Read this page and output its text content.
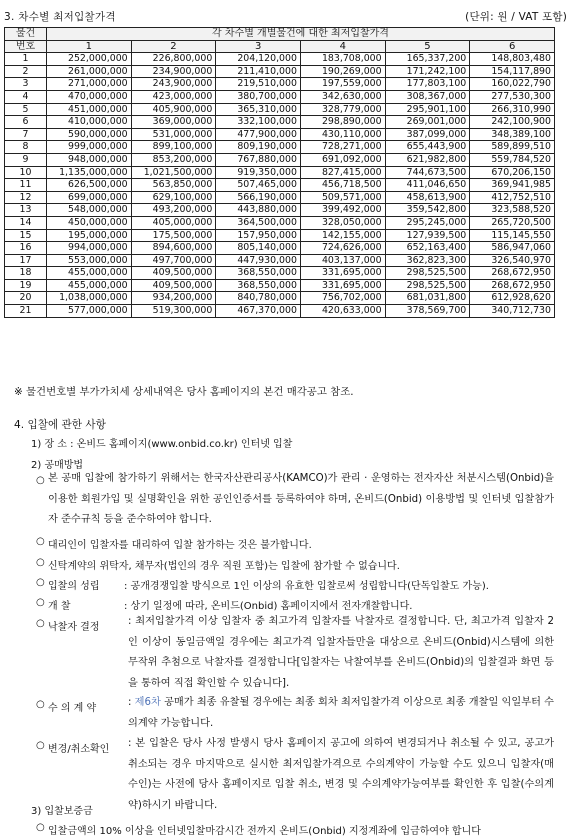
3. 차수별 최저입찰가격	(단위: 원 / VAT 포함)
물건	각 차수별 개별물건에 대한 최저입찰가격					
번호	1	2	3	4	5	6
1	252,000,000	226,800,000	204,120,000	183,708,000	165,337,200	148,803,480
2	261,000,000	234,900,000	211,410,000	190,269,000	171,242,100	154,117,890
3	271,000,000	243,900,000	219,510,000	197,559,000	177,803,100	160,022,790
4	470,000,000	423,000,000	380,700,000	342,630,000	308,367,000	277,530,300
5	451,000,000	405,900,000	365,310,000	328,779,000	295,901,100	266,310,990
6	410,000,000	369,000,000	332,100,000	298,890,000	269,001,000	242,100,900
7	590,000,000	531,000,000	477,900,000	430,110,000	387,099,000	348,389,100
8	999,000,000	899,100,000	809,190,000	728,271,000	655,443,900	589,899,510
9	948,000,000	853,200,000	767,880,000	691,092,000	621,982,800	559,784,520
10	1,135,000,000	1,021,500,000	919,350,000	827,415,000	744,673,500	670,206,150
11	626,500,000	563,850,000	507,465,000	456,718,500	411,046,650	369,941,985
12	699,000,000	629,100,000	566,190,000	509,571,000	458,613,900	412,752,510
13	548,000,000	493,200,000	443,880,000	399,492,000	359,542,800	323,588,520
14	450,000,000	405,000,000	364,500,000	328,050,000	295,245,000	265,720,500
15	195,000,000	175,500,000	157,950,000	142,155,000	127,939,500	115,145,550
16	994,000,000	894,600,000	805,140,000	724,626,000	652,163,400	586,947,060
17	553,000,000	497,700,000	447,930,000	403,137,000	362,823,300	326,540,970
18	455,000,000	409,500,000	368,550,000	331,695,000	298,525,500	268,672,950
19	455,000,000	409,500,000	368,550,000	331,695,000	298,525,500	268,672,950
20	1,038,000,000	934,200,000	840,780,000	756,702,000	681,031,800	612,928,620
21	577,000,000	519,300,000	467,370,000	420,633,000	378,569,700	340,712,730
※ 물건번호별 부가가치세 상세내역은 당사 홈페이지의 본건 매각공고 참조.
4. 입찰에 관한 사항
1) 장 소 : 온비드 홈페이지(www.onbid.co.kr) 인터넷 입찰
2) 공매방법
○ 본 공매 입찰에 참가하기 위해서는 한국자산관리공사(KAMCO)가 관리 · 운영하는 전자자산 처분시스템(Onbid)을 이용한 회원가입 및 실명확인을 위한 공인인증서를 등록하여야 하며, 온비드(Onbid) 이용방법 및 인터넷 입찰참가자 준수규칙 등을 준수하여야 합니다.
○ 대리인이 입찰자를 대리하여 입찰 참가하는 것은 불가합니다.
○ 신탁계약의 위탁자, 채무자(법인의 경우 직원 포함)는 입찰에 참가할 수 없습니다.
○ 입찰의 성립 : 공개경쟁입찰 방식으로 1인 이상의 유효한 입찰로써 성립합니다(단독입찰도 가능).
○ 개 찰	: 상기 일정에 따라, 온비드(Onbid) 홈페이지에서 전자개찰합니다.
○ 낙찰자 결정
: 최저입찰가격 이상 입찰자 중 최고가격 입찰자를 낙찰자로 결정합니다. 단, 최고가격 입찰자 2인 이상이 동일금액일 경우에는 최고가격 입찰자들만을 대상으로 온비드(Onbid)시스템에 의한 무작위 추첨으로 낙찰자를 결정합니다[입찰자는 낙찰여부를 온비드(Onbid)의 입찰결과 화면 등을 통하여 직접 확인할 수 있습니다].
○ 수 의 계 약
: 제6차 공매가 최종 유찰될 경우에는 최종 회차 최저입찰가격 이상으로 최종 개찰일 익일부터 수의계약 가능합니다.
○ 변경/취소확인
: 본 입찰은 당사 사정 발생시 당사 홈페이지 공고에 의하여 변경되거나 취소될 수 있고, 공고가 취소되는 경우 마지막으로 실시한 최저입찰가격으로 수의계약이 가능할 수도 있으니 입찰자(매수인)는 사전에 당사 홈페이지로 입찰 취소, 변경 및 수의계약가능여부를 확인한 후 입찰(수의계약)하시기 바랍니다.
3) 입찰보증금
○ 입찰금액의 10% 이상을 인터넷입찰마감시간 전까지 온비드(Onbid) 지정계좌에 입금하여야 합니다
